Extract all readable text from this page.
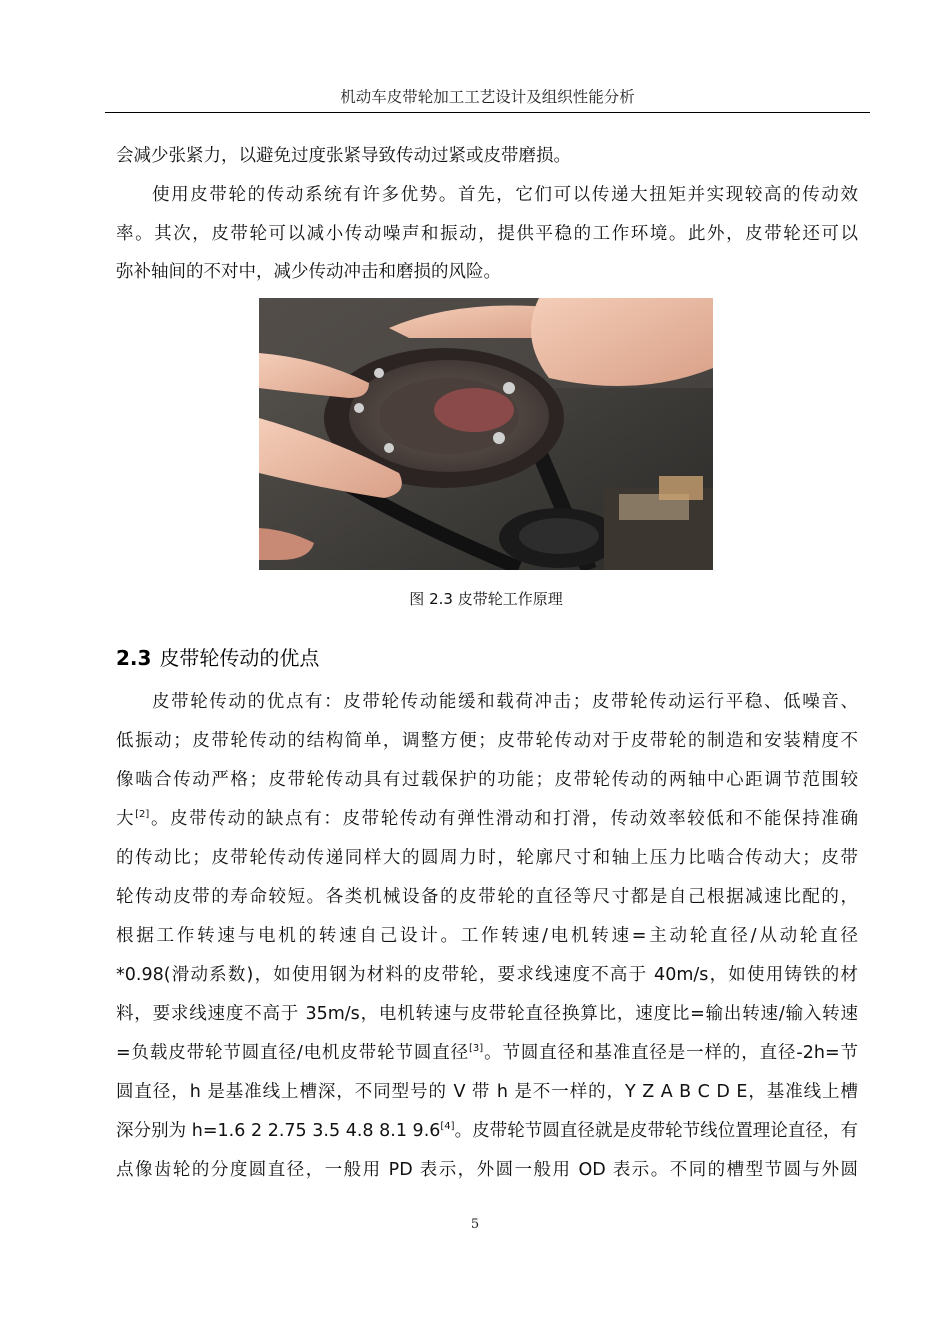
机动车皮带轮加工工艺设计及组织性能分析
会减少张紧力，以避免过度张紧导致传动过紧或皮带磨损。
使用皮带轮的传动系统有许多优势。首先，它们可以传递大扭矩并实现较高的传动效
率。其次，皮带轮可以减小传动噪声和振动，提供平稳的工作环境。此外，皮带轮还可以
弥补轴间的不对中，减少传动冲击和磨损的风险。
图 2.3 皮带轮工作原理
2.3 皮带轮传动的优点
皮带轮传动的优点有：皮带轮传动能缓和载荷冲击；皮带轮传动运行平稳、低噪音、
低振动；皮带轮传动的结构简单，调整方便；皮带轮传动对于皮带轮的制造和安装精度不
像啮合传动严格；皮带轮传动具有过载保护的功能；皮带轮传动的两轴中心距调节范围较
大[2]。皮带传动的缺点有：皮带轮传动有弹性滑动和打滑，传动效率较低和不能保持准确
的传动比；皮带轮传动传递同样大的圆周力时，轮廓尺寸和轴上压力比啮合传动大；皮带
轮传动皮带的寿命较短。各类机械设备的皮带轮的直径等尺寸都是自己根据减速比配的，
根据工作转速与电机的转速自己设计。工作转速/电机转速=主动轮直径/从动轮直径
*0.98(滑动系数)，如使用钢为材料的皮带轮，要求线速度不高于 40m/s，如使用铸铁的材
料，要求线速度不高于 35m/s，电机转速与皮带轮直径换算比，速度比=输出转速/输入转速
=负载皮带轮节圆直径/电机皮带轮节圆直径[3]。节圆直径和基准直径是一样的，直径-2h=节
圆直径，h 是基准线上槽深，不同型号的 V 带 h 是不一样的，Y Z A B C D E，基准线上槽
深分别为 h=1.6 2 2.75 3.5 4.8 8.1 9.6[4]。皮带轮节圆直径就是皮带轮节线位置理论直径，有
点像齿轮的分度圆直径，一般用 PD 表示，外圆一般用 OD 表示。不同的槽型节圆与外圆
5
